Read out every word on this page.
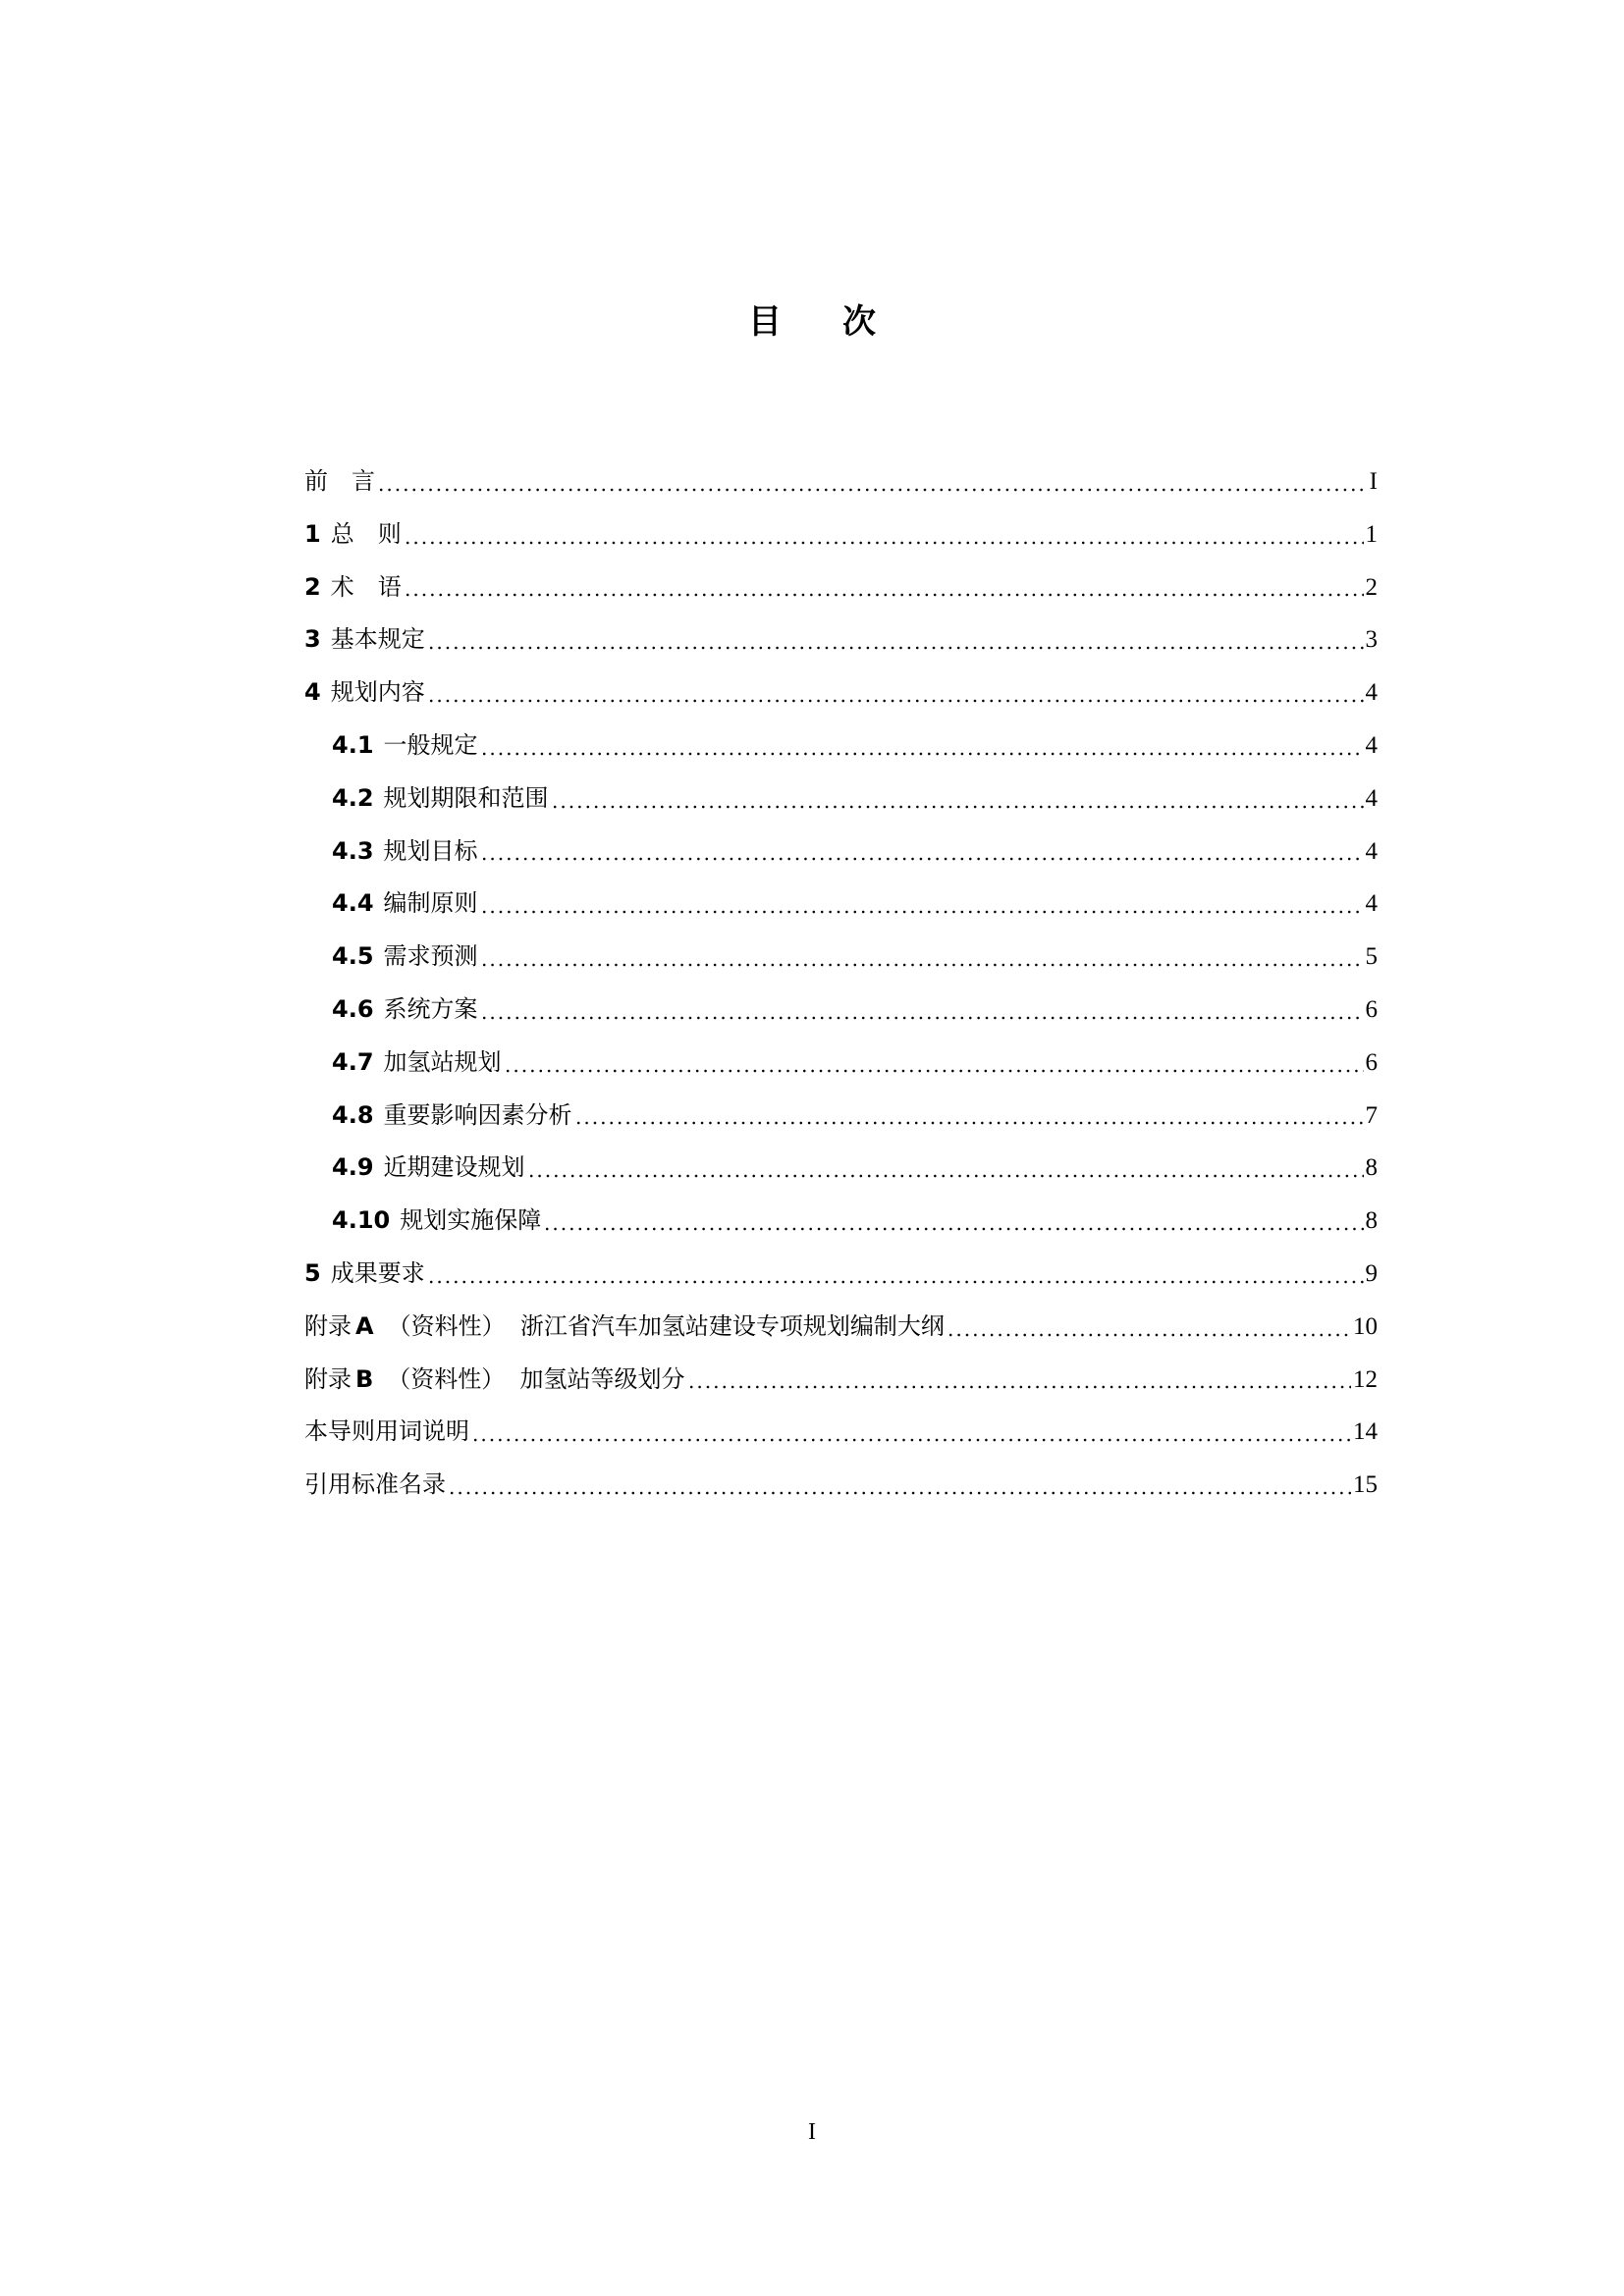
目 次
前　言	I
1 总　则	1
2 术　语	2
3 基本规定	3
4 规划内容	4
4.1 一般规定	4
4.2 规划期限和范围	4
4.3 规划目标	4
4.4 编制原则	4
4.5 需求预测	5
4.6 系统方案	6
4.7 加氢站规划	6
4.8 重要影响因素分析	7
4.9 近期建设规划	8
4.10 规划实施保障	8
5 成果要求	9
附录 A （资料性）  浙江省汽车加氢站建设专项规划编制大纲	10
附录 B （资料性）  加氢站等级划分	12
本导则用词说明	14
引用标准名录	15
I
